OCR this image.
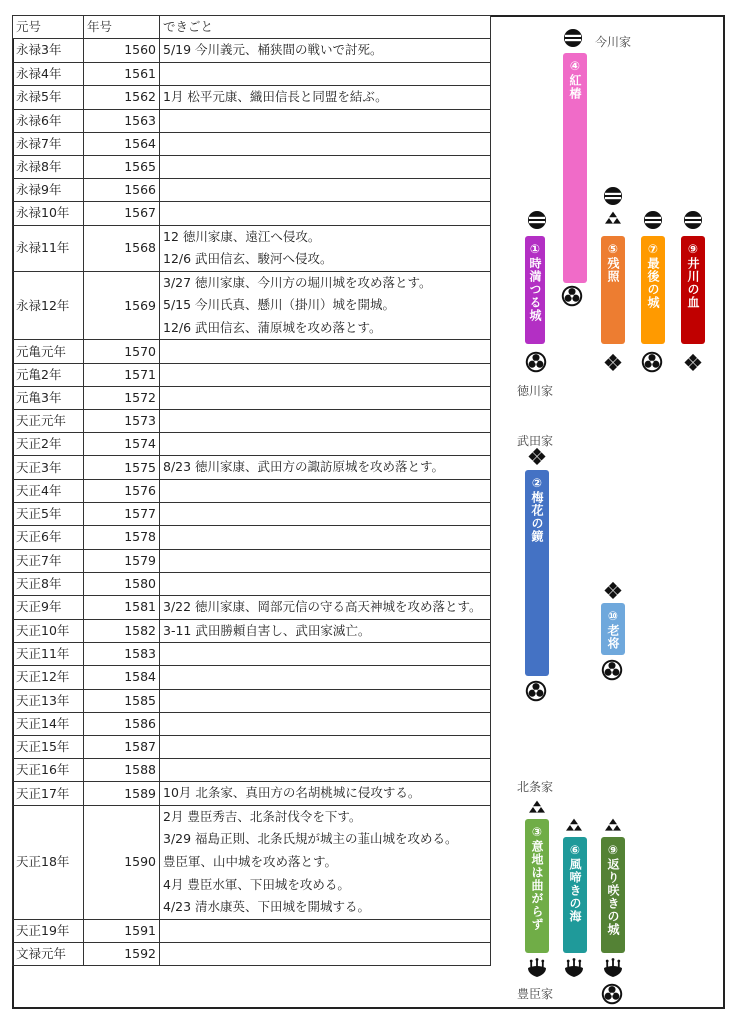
元号	年号	できごと
永禄3年	1560	5/19 今川義元、桶狭間の戦いで討死。

永禄4年	1561	
永禄5年	1562	1月 松平元康、織田信長と同盟を結ぶ。

永禄6年	1563	
永禄7年	1564	
永禄8年	1565	
永禄9年	1566	
永禄10年	1567	
永禄11年	1568	12 徳川家康、遠江へ侵攻。
12/6 武田信玄、駿河へ侵攻。

永禄12年	1569	3/27 徳川家康、今川方の堀川城を攻め落とす。
5/15 今川氏真、懸川（掛川）城を開城。
12/6 武田信玄、蒲原城を攻め落とす。

元亀元年	1570	
元亀2年	1571	
元亀3年	1572	
天正元年	1573	
天正2年	1574	
天正3年	1575	8/23 徳川家康、武田方の諏訪原城を攻め落とす。

天正4年	1576	
天正5年	1577	
天正6年	1578	
天正7年	1579	
天正8年	1580	
天正9年	1581	3/22 徳川家康、岡部元信の守る高天神城を攻め落とす。

天正10年	1582	3-11 武田勝頼自害し、武田家滅亡。

天正11年	1583	
天正12年	1584	
天正13年	1585	
天正14年	1586	
天正15年	1587	
天正16年	1588	
天正17年	1589	10月 北条家、真田方の名胡桃城に侵攻する。

天正18年	1590	2月 豊臣秀吉、北条討伐令を下す。
3/29 福島正則、北条氏規が城主の韮山城を攻める。
豊臣軍、山中城を攻め落とす。
4月 豊臣水軍、下田城を攻める。
4/23 清水康英、下田城を開城する。

天正19年	1591	
文禄元年	1592	
今川家
徳川家
武田家
北条家
豊臣家
①時満つる城
②梅花の鏡
③意地は曲がらず
④紅椿
⑤残照
⑥風啼きの海
⑦最後の城 ⑨井川の血
⑨返り咲きの城
⑩老将
